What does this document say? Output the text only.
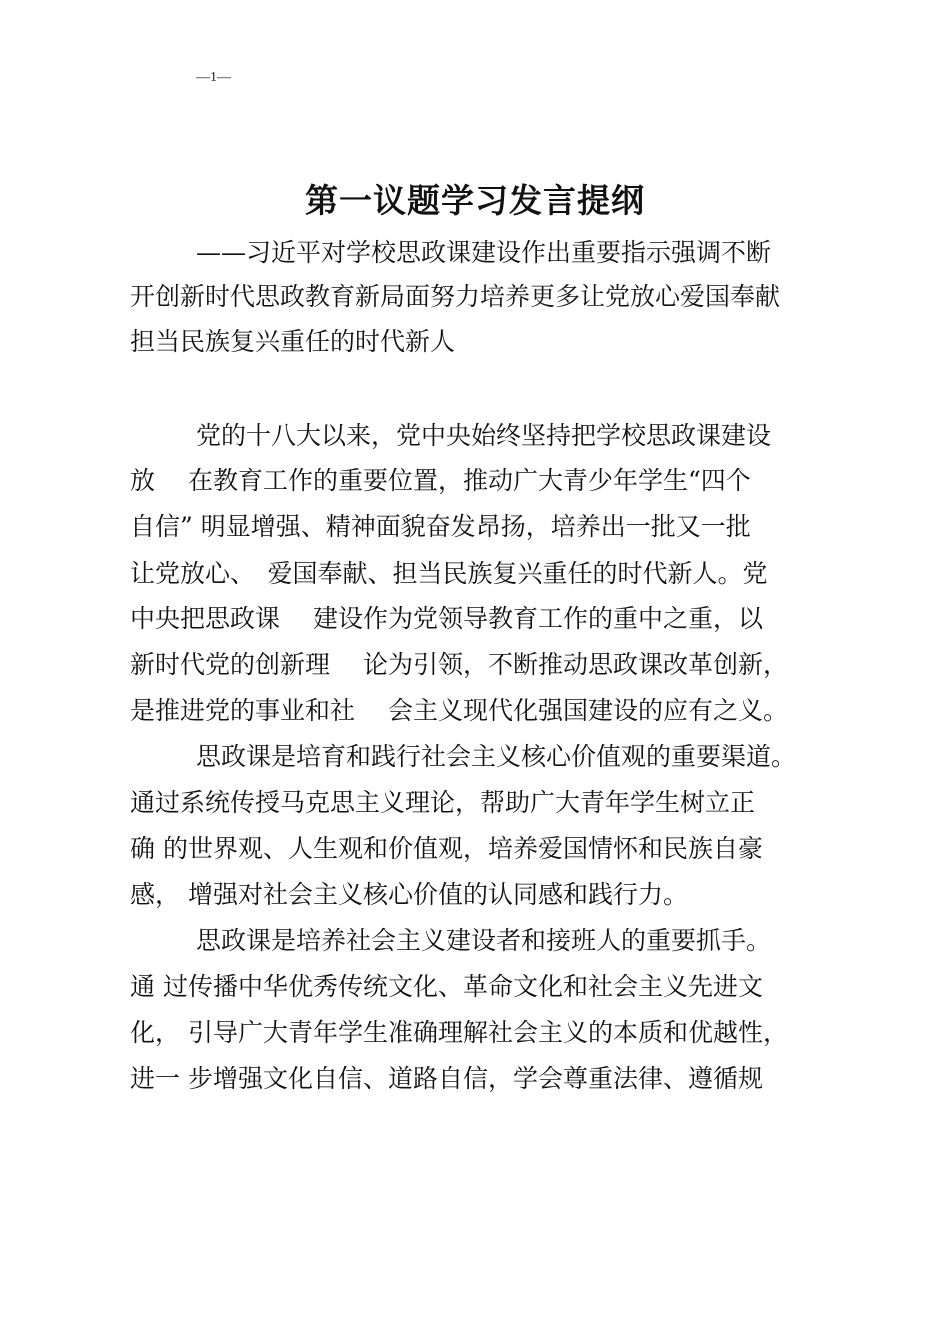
—1—
第一议题学习发言提纲

——习近平对学校思政课建设作出重要指示强调不断

开创新时代思政教育新局面努力培养更多让党放心爱国奉献

担当民族复兴重任的时代新人

党的十八大以来，党中央始终坚持把学校思政课建设

放　 在教育工作的重要位置，推动广大青少年学生“四个

自信” 明显增强、精神面貌奋发昂扬，培养出一批又一批

让党放心、　爱国奉献、担当民族复兴重任的时代新人。党

中央把思政课　 建设作为党领导教育工作的重中之重，以

新时代党的创新理　 论为引领，不断推动思政课改革创新，

是推进党的事业和社　 会主义现代化强国建设的应有之义。

思政课是培育和践行社会主义核心价值观的重要渠道。

通过系统传授马克思主义理论，帮助广大青年学生树立正

确 的世界观、人生观和价值观，培养爱国情怀和民族自豪

感， 增强对社会主义核心价值的认同感和践行力。

思政课是培养社会主义建设者和接班人的重要抓手。

通 过传播中华优秀传统文化、革命文化和社会主义先进文

化， 引导广大青年学生准确理解社会主义的本质和优越性，

进一 步增强文化自信、道路自信，学会尊重法律、遵循规
